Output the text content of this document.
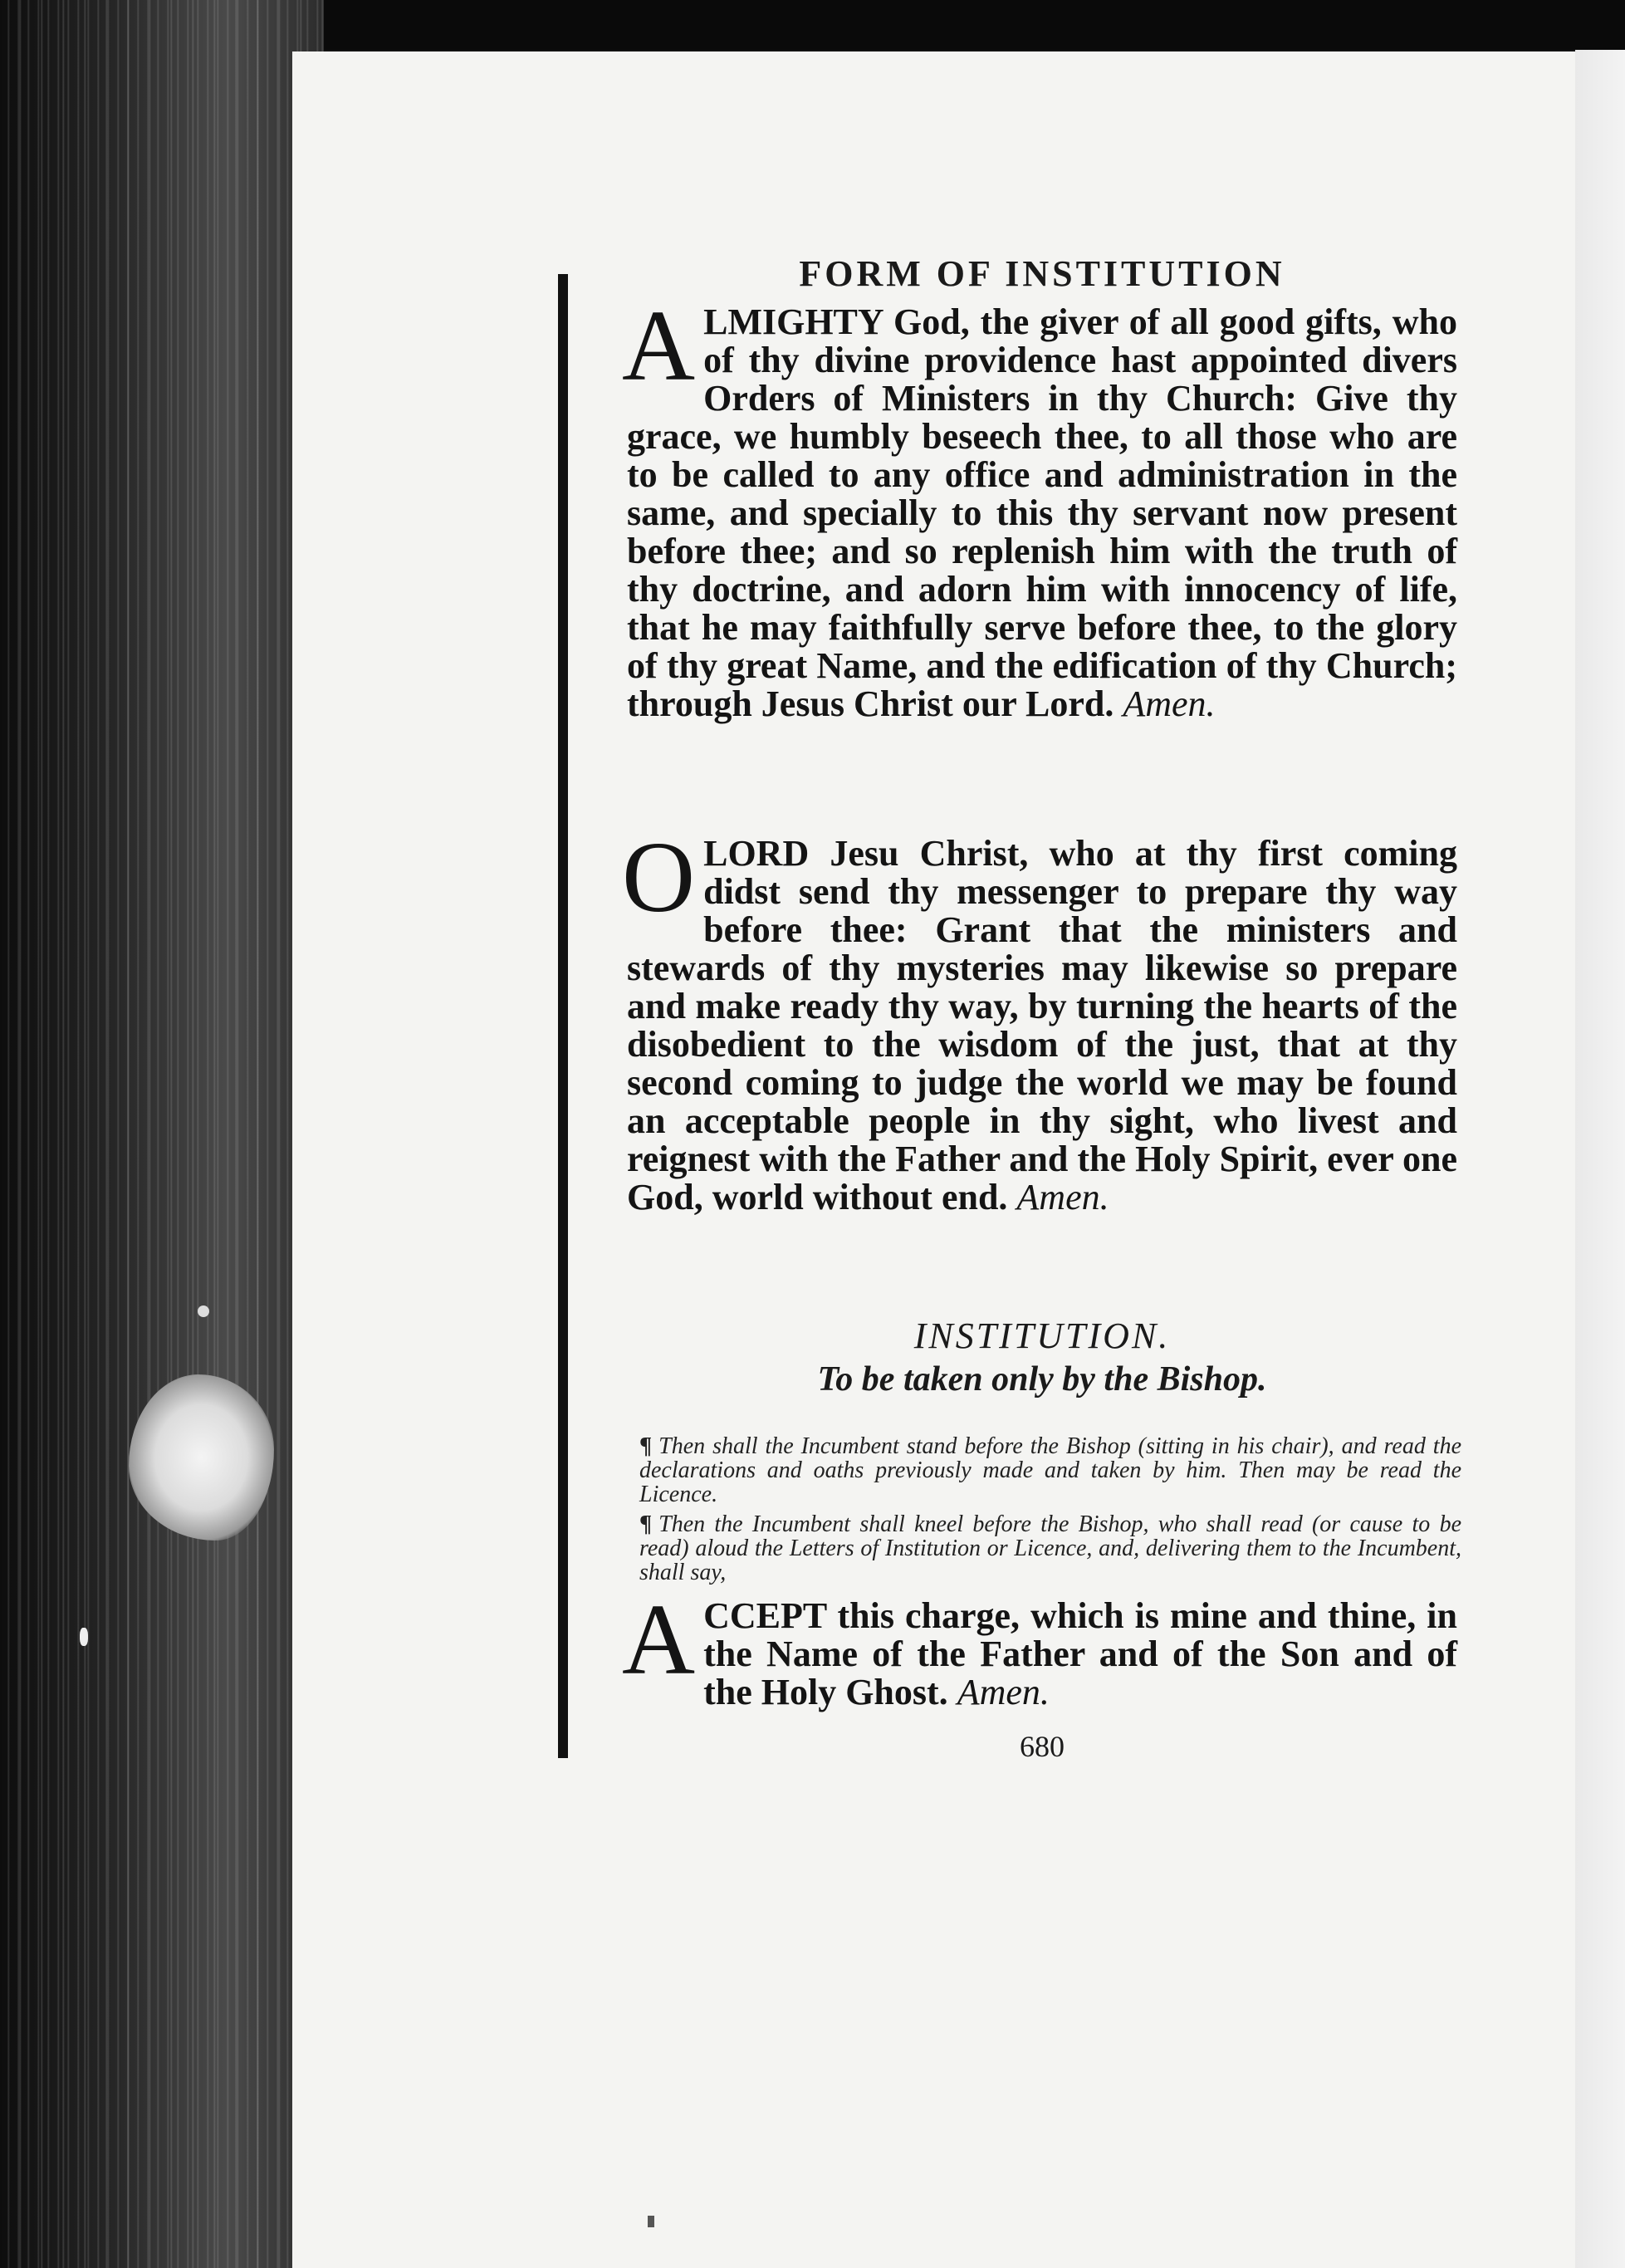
FORM OF INSTITUTION

ALMIGHTY God, the giver of all good gifts, who of thy divine providence hast appointed divers Orders of Ministers in thy Church: Give thy grace, we humbly beseech thee, to all those who are to be called to any office and administration in the same, and specially to this thy servant now present before thee; and so replenish him with the truth of thy doctrine, and adorn him with innocency of life, that he may faithfully serve before thee, to the glory of thy great Name, and the edification of thy Church; through Jesus Christ our Lord. Amen.

OLORD Jesu Christ, who at thy first coming didst send thy messenger to prepare thy way before thee: Grant that the ministers and stewards of thy mysteries may likewise so prepare and make ready thy way, by turning the hearts of the disobedient to the wisdom of the just, that at thy second coming to judge the world we may be found an acceptable people in thy sight, who livest and reignest with the Father and the Holy Spirit, ever one God, world without end. Amen.

INSTITUTION.
To be taken only by the Bishop.

¶ Then shall the Incumbent stand before the Bishop (sitting in his chair), and read the declarations and oaths previously made and taken by him. Then may be read the Licence.

¶ Then the Incumbent shall kneel before the Bishop, who shall read (or cause to be read) aloud the Letters of Institution or Licence, and, delivering them to the Incumbent, shall say,

ACCEPT this charge, which is mine and thine, in the Name of the Father and of the Son and of the Holy Ghost. Amen.

680
